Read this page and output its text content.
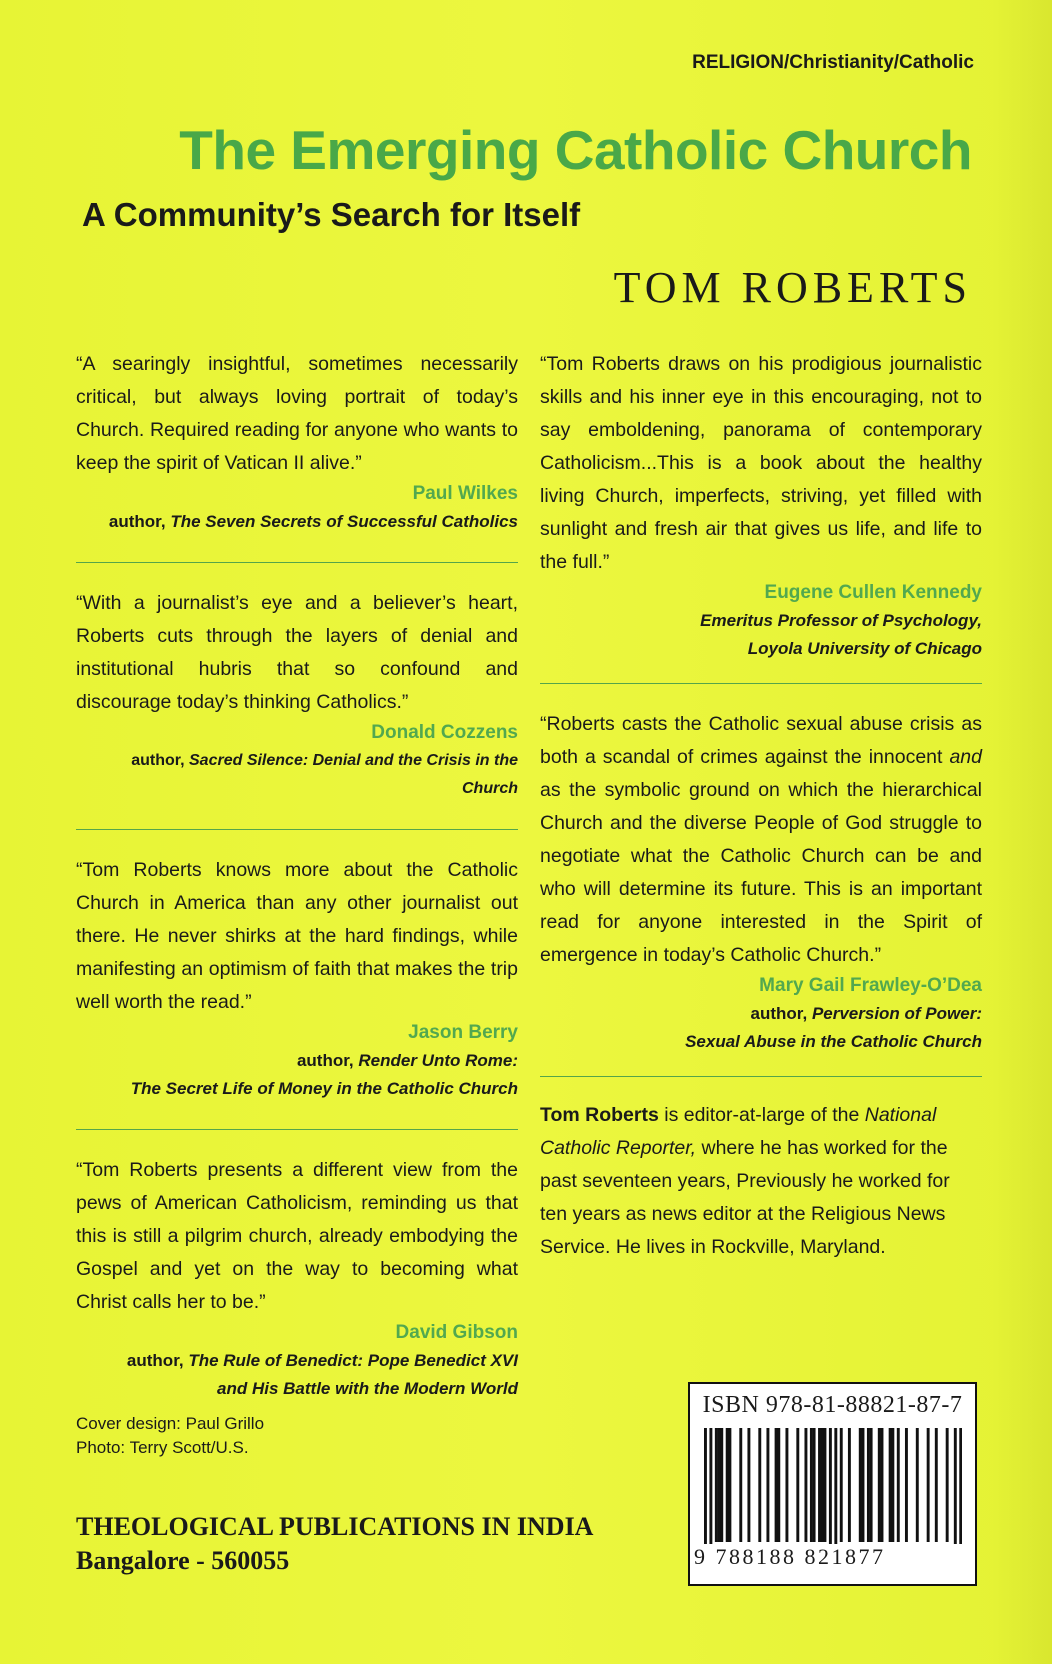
RELIGION/Christianity/Catholic
The Emerging Catholic Church
A Community’s Search for Itself
TOM ROBERTS

“A searingly insightful, sometimes necessarily critical, but always loving portrait of today’s Church. Required reading for anyone who wants to keep the spirit of Vatican II alive.”

Paul Wilkes
author, The Seven Secrets of Successful Catholics

“With a journalist’s eye and a believer’s heart, Roberts cuts through the layers of denial and institutional hubris that so confound and discourage today’s thinking Catholics.”

Donald Cozzens
author, Sacred Silence: Denial and the Crisis in the Church

“Tom Roberts knows more about the Catholic Church in America than any other journalist out there. He never shirks at the hard findings, while manifesting an optimism of faith that makes the trip well worth the read.”

Jason Berry
author, Render Unto Rome:
The Secret Life of Money in the Catholic Church

“Tom Roberts presents a different view from the pews of American Catholicism, reminding us that this is still a pilgrim church, already embodying the Gospel and yet on the way to becoming what Christ calls her to be.”

David Gibson
author, The Rule of Benedict: Pope Benedict XVI
and His Battle with the Modern World

“Tom Roberts draws on his prodigious journalistic skills and his inner eye in this encouraging, not to say emboldening, panorama of contemporary Catholicism...This is a book about the healthy living Church, imperfects, striving, yet filled with sunlight and fresh air that gives us life, and life to the full.”

Eugene Cullen Kennedy
Emeritus Professor of Psychology,
Loyola University of Chicago

“Roberts casts the Catholic sexual abuse crisis as both a scandal of crimes against the innocent and as the symbolic ground on which the hierarchical Church and the diverse People of God struggle to negotiate what the Catholic Church can be and who will determine its future. This is an important read for anyone interested in the Spirit of emergence in today’s Catholic Church.”

Mary Gail Frawley-O’Dea
author, Perversion of Power:
Sexual Abuse in the Catholic Church

Tom Roberts is editor-at-large of the National Catholic Reporter, where he has worked for the past seventeen years, Previously he worked for ten years as news editor at the Religious News Service. He lives in Rockville, Maryland.

Cover design: Paul Grillo
Photo: Terry Scott/U.S.
THEOLOGICAL PUBLICATIONS IN INDIA
Bangalore - 560055
ISBN 978-81-88821-87-7
9 788188 821877
